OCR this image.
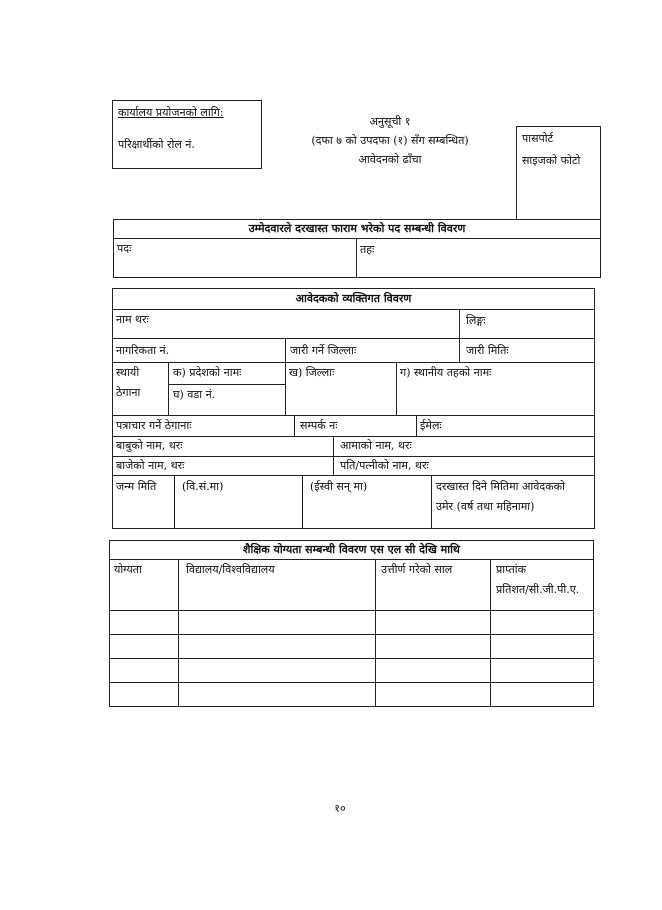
कार्यालय प्रयोजनको लागि:
परिक्षार्थीको रोल नं.
अनुसूची १
(दफा ७ को उपदफा (१) सँग सम्बन्धित)
आवेदनको ढाँचा
पासपोर्ट
साइजको फोटो
उम्मेदवारले दरखास्त फाराम भरेको पद सम्बन्धी विवरण
पदः	तहः
आवेदकको व्यक्तिगत विवरण
नाम थरः	लिङ्गः
नागरिकता नं.	जारी गर्ने जिल्लाः	जारी मितिः
स्थायी
ठेगाना
क) प्रदेशको नामः	ख) जिल्लाः	ग) स्थानीय तहको नामः
घ) वडा नं.
पत्राचार गर्ने ठेगानाः	सम्पर्क नः	ईमेलः
बाबुको नाम, थरः	आमाको नाम, थरः
बाजेको नाम, थरः	पति/पत्नीको नाम, थरः
जन्म मिति (वि.सं.मा)	(ईस्वी सन् मा)	दरखास्त दिने मितिमा आवेदकको
उमेर (वर्ष तथा महिनामा)
शैक्षिक योग्यता सम्बन्धी विवरण एस एल सी देखि माथि
योग्यता	विद्यालय/विश्वविद्यालय	उत्तीर्ण गरेको साल	प्राप्तांक
प्रतिशत/सी.जी.पी.ए.
१०
